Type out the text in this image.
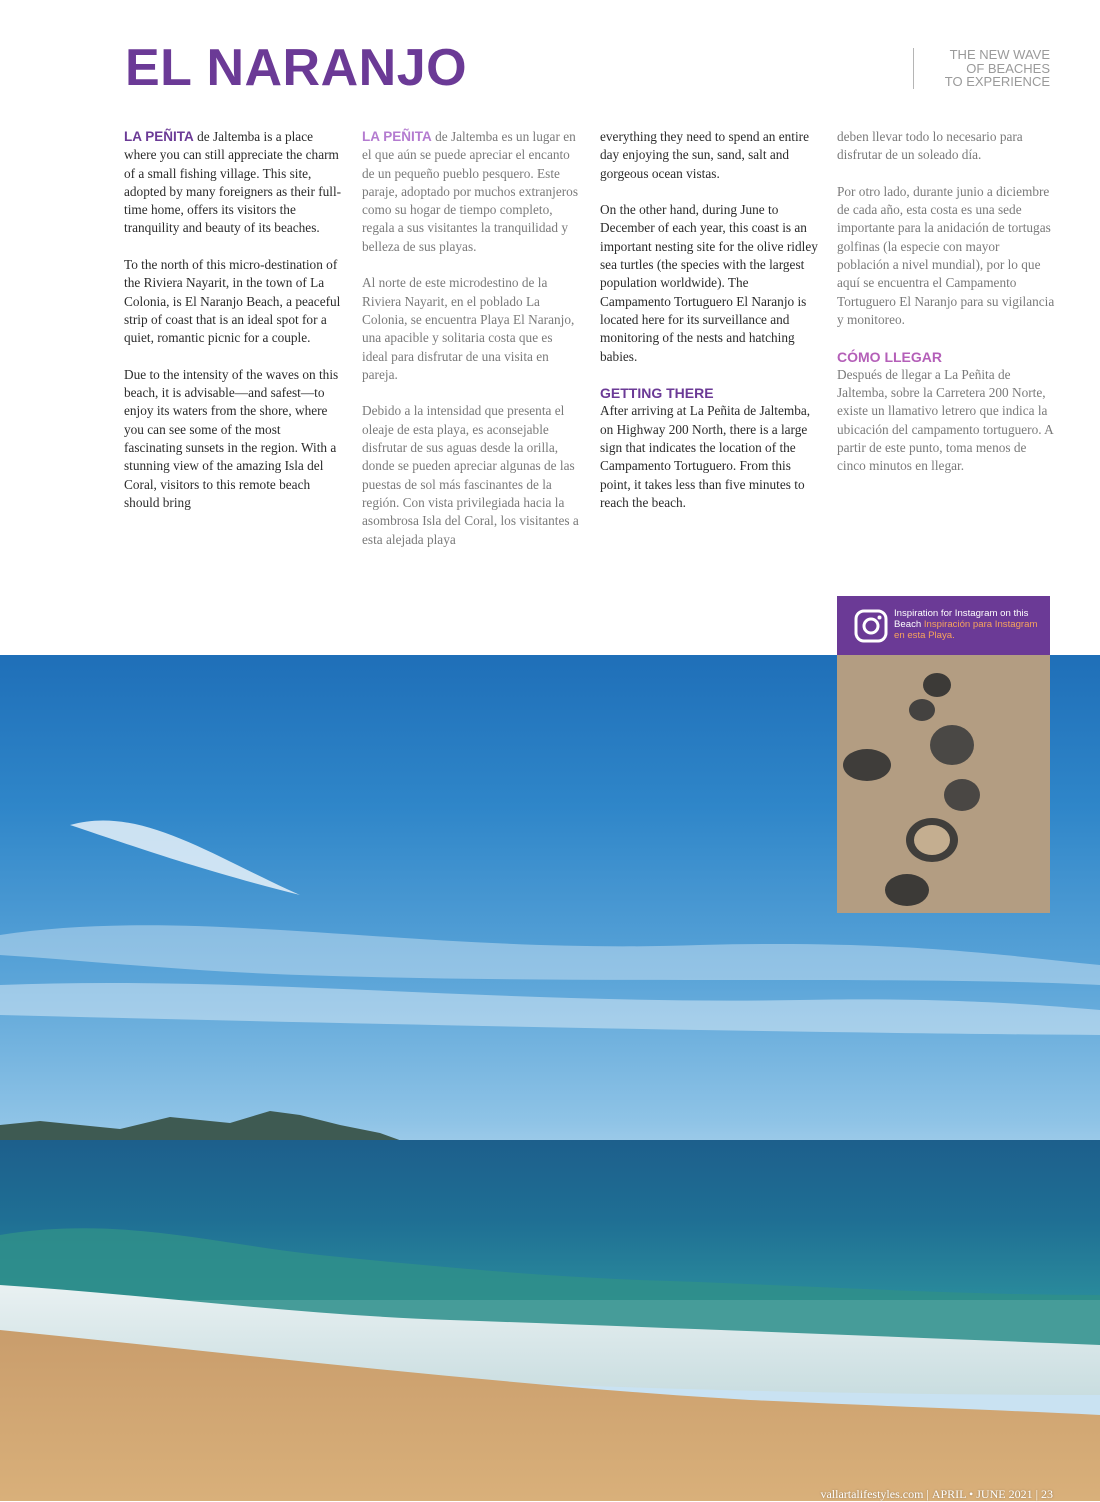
EL NARANJO	THE NEW WAVE
OF BEACHES
TO EXPERIENCE

LA PEÑITA de Jaltemba is a place where you can still appreciate the charm of a small fishing village. This site, adopted by many foreigners as their full-time home, offers its visitors the tranquility and beauty of its beaches.

To the north of this micro-destination of the Riviera Nayarit, in the town of La Colonia, is El Naranjo Beach, a peaceful strip of coast that is an ideal spot for a quiet, romantic picnic for a couple.

Due to the intensity of the waves on this beach, it is advisable—and safest—to enjoy its waters from the shore, where you can see some of the most fascinating sunsets in the region. With a stunning view of the amazing Isla del Coral, visitors to this remote beach should bring

LA PEÑITA de Jaltemba es un lugar en el que aún se puede apreciar el encanto de un pequeño pueblo pesquero. Este paraje, adoptado por muchos extranjeros como su hogar de tiempo completo, regala a sus visitantes la tranquilidad y belleza de sus playas.

Al norte de este microdestino de la Riviera Nayarit, en el poblado La Colonia, se encuentra Playa El Naranjo, una apacible y solitaria costa que es ideal para disfrutar de una visita en pareja.

Debido a la intensidad que presenta el oleaje de esta playa, es aconsejable disfrutar de sus aguas desde la orilla, donde se pueden apreciar algunas de las puestas de sol más fascinantes de la región. Con vista privilegiada hacia la asombrosa Isla del Coral, los visitantes a esta alejada playa

everything they need to spend an entire day enjoying the sun, sand, salt and gorgeous ocean vistas.

On the other hand, during June to December of each year, this coast is an important nesting site for the olive ridley sea turtles (the species with the largest population worldwide). The Campamento Tortuguero El Naranjo is located here for its surveillance and monitoring of the nests and hatching babies.

GETTING THERE

After arriving at La Peñita de Jaltemba, on Highway 200 North, there is a large sign that indicates the location of the Campamento Tortuguero. From this point, it takes less than five minutes to reach the beach.

deben llevar todo lo necesario para disfrutar de un soleado día.

Por otro lado, durante junio a diciembre de cada año, esta costa es una sede importante para la anidación de tortugas golfinas (la especie con mayor población a nivel mundial), por lo que aquí se encuentra el Campamento Tortuguero El Naranjo para su vigilancia y monitoreo.

CÓMO LLEGAR

Después de llegar a La Peñita de Jaltemba, sobre la Carretera 200 Norte, existe un llamativo letrero que indica la ubicación del campamento tortuguero. A partir de este punto, toma menos de cinco minutos en llegar.

Inspiration for Instagram on this Beach Inspiración para Instagram en esta Playa.
vallartalifestyles.com | APRIL • JUNE 2021 | 23
